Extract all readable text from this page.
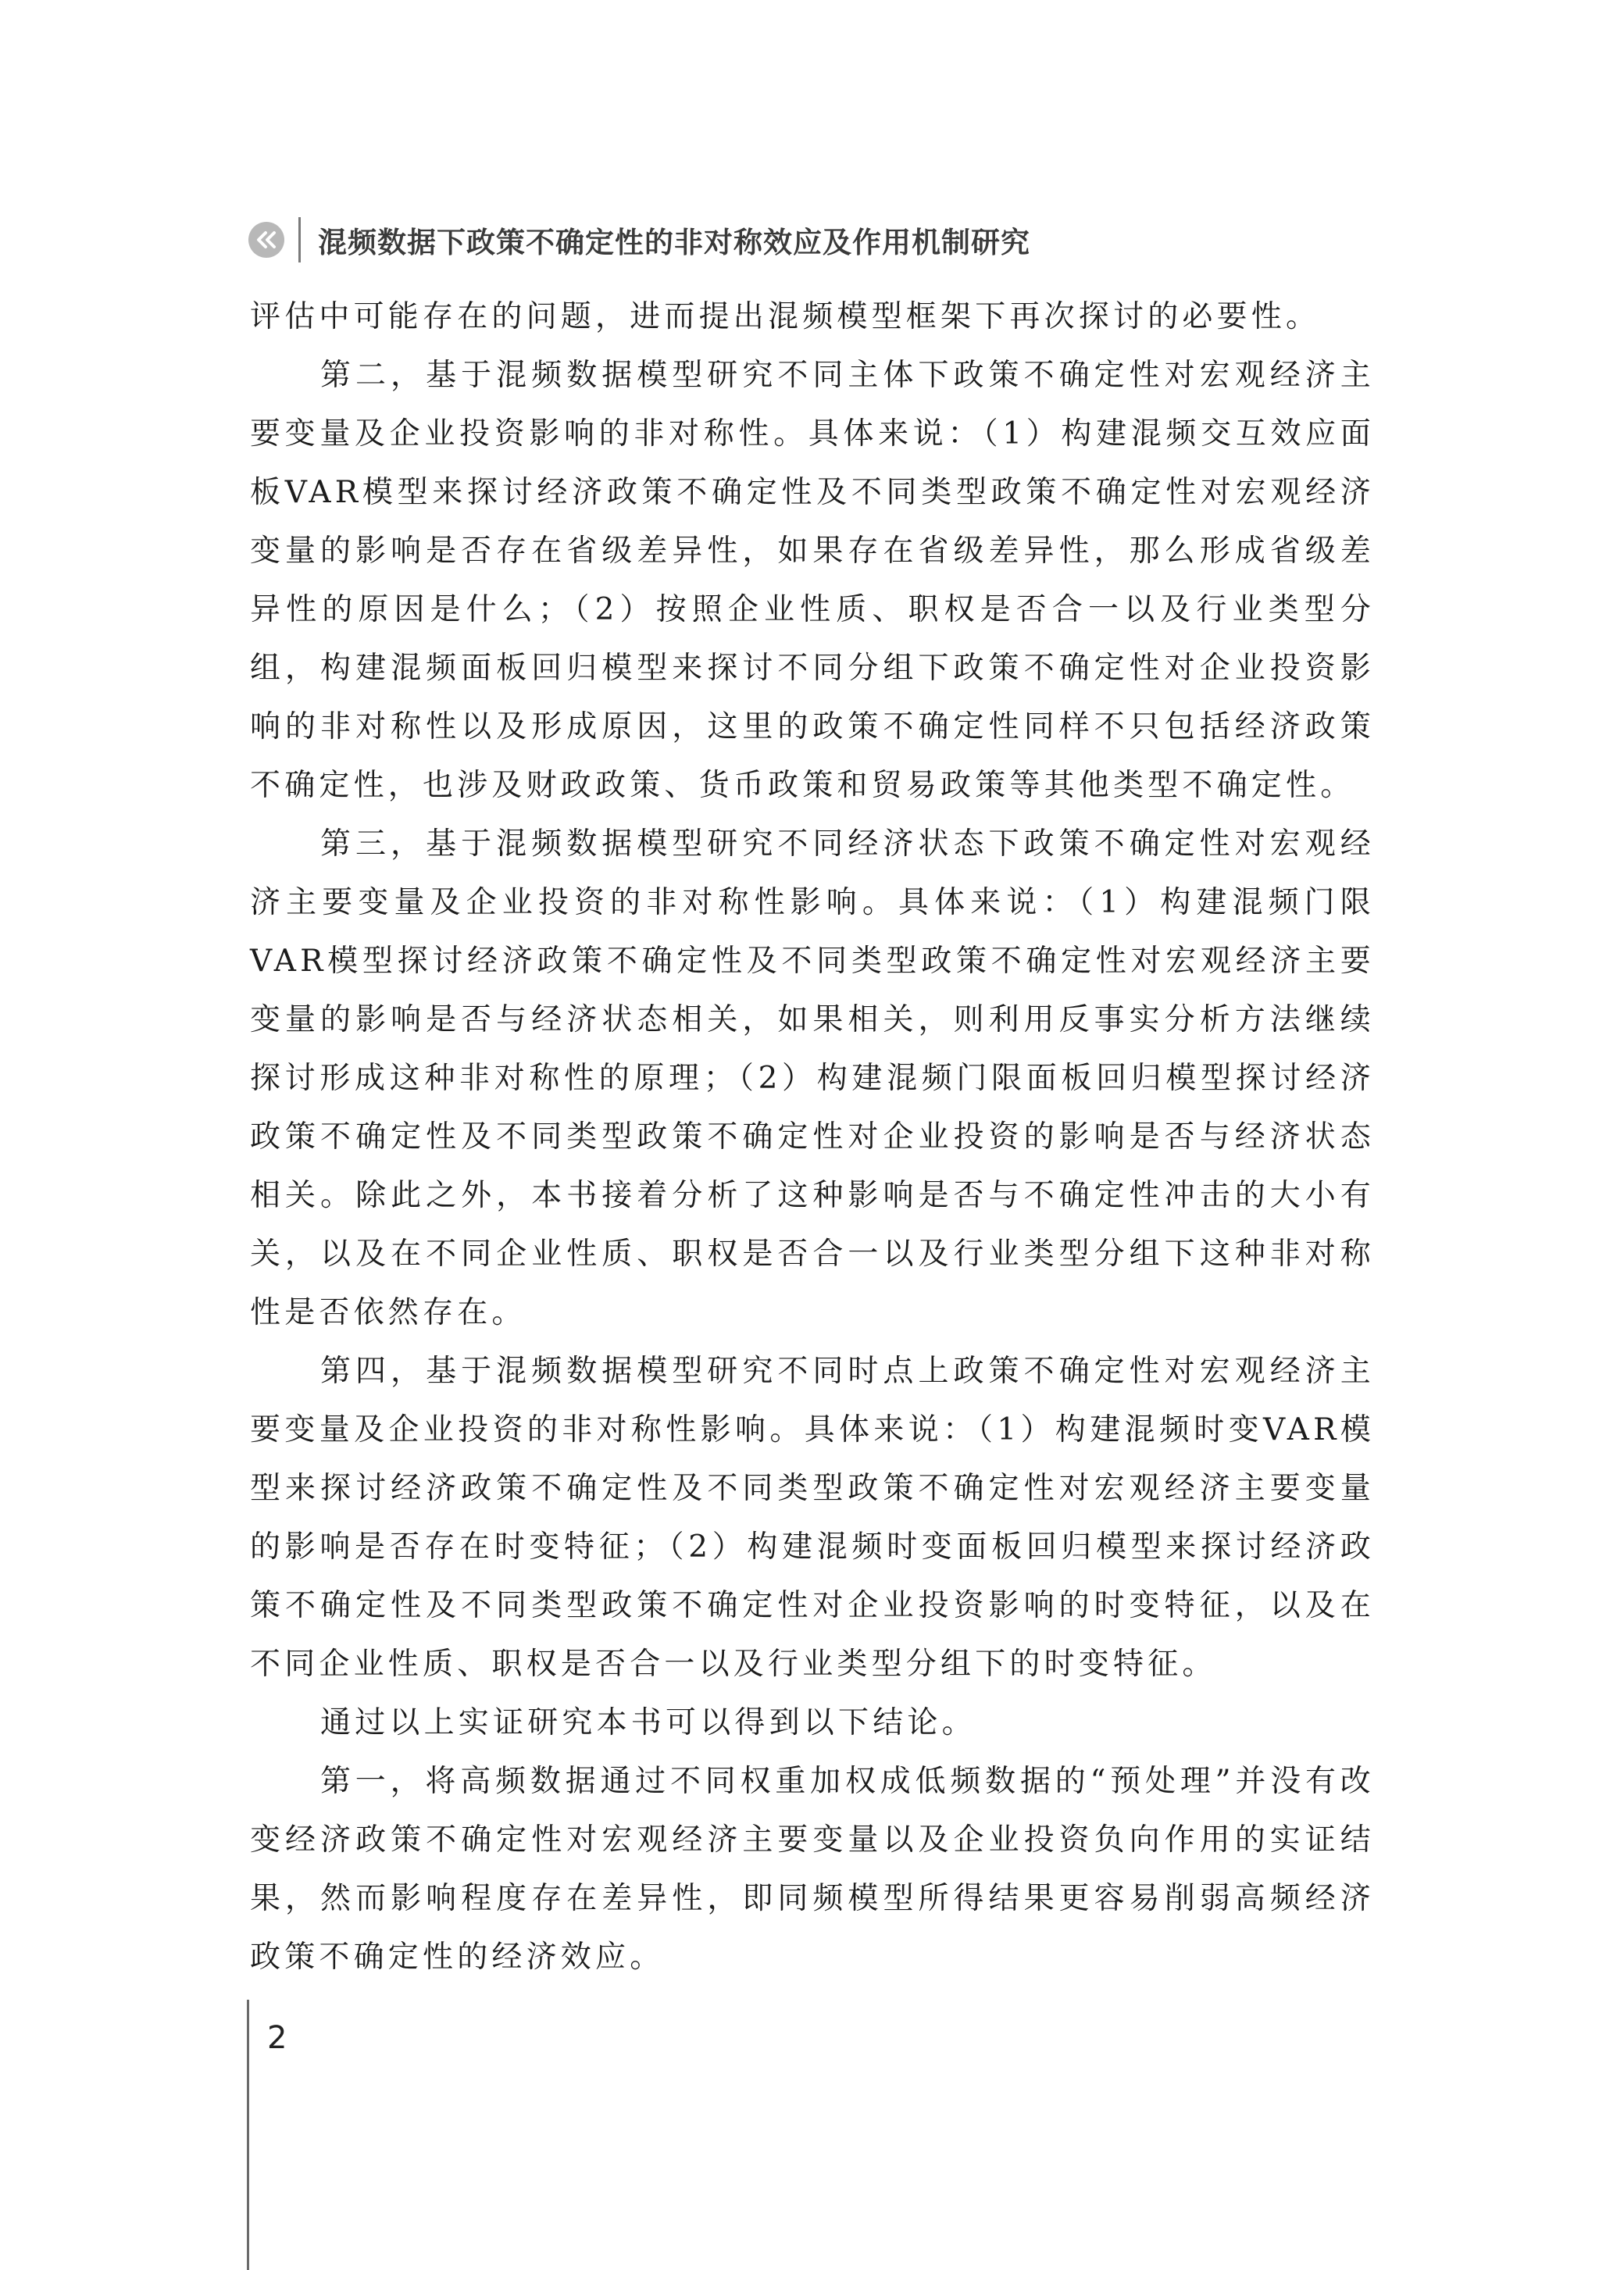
混频数据下政策不确定性的非对称效应及作用机制研究

评估中可能存在的问题，进而提出混频模型框架下再次探讨的必要性。

第二，基于混频数据模型研究不同主体下政策不确定性对宏观经济主要变量及企业投资影响的非对称性。具体来说：（1）构建混频交互效应面板VAR模型来探讨经济政策不确定性及不同类型政策不确定性对宏观经济变量的影响是否存在省级差异性，如果存在省级差异性，那么形成省级差异性的原因是什么；（2）按照企业性质、职权是否合一以及行业类型分组，构建混频面板回归模型来探讨不同分组下政策不确定性对企业投资影响的非对称性以及形成原因，这里的政策不确定性同样不只包括经济政策不确定性，也涉及财政政策、货币政策和贸易政策等其他类型不确定性。

第三，基于混频数据模型研究不同经济状态下政策不确定性对宏观经济主要变量及企业投资的非对称性影响。具体来说：（1）构建混频门限VAR模型探讨经济政策不确定性及不同类型政策不确定性对宏观经济主要变量的影响是否与经济状态相关，如果相关，则利用反事实分析方法继续探讨形成这种非对称性的原理；（2）构建混频门限面板回归模型探讨经济政策不确定性及不同类型政策不确定性对企业投资的影响是否与经济状态相关。除此之外，本书接着分析了这种影响是否与不确定性冲击的大小有关，以及在不同企业性质、职权是否合一以及行业类型分组下这种非对称性是否依然存在。

第四，基于混频数据模型研究不同时点上政策不确定性对宏观经济主要变量及企业投资的非对称性影响。具体来说：（1）构建混频时变VAR模型来探讨经济政策不确定性及不同类型政策不确定性对宏观经济主要变量的影响是否存在时变特征；（2）构建混频时变面板回归模型来探讨经济政策不确定性及不同类型政策不确定性对企业投资影响的时变特征，以及在不同企业性质、职权是否合一以及行业类型分组下的时变特征。

通过以上实证研究本书可以得到以下结论。

第一，将高频数据通过不同权重加权成低频数据的“预处理”并没有改变经济政策不确定性对宏观经济主要变量以及企业投资负向作用的实证结果，然而影响程度存在差异性，即同频模型所得结果更容易削弱高频经济政策不确定性的经济效应。

2
